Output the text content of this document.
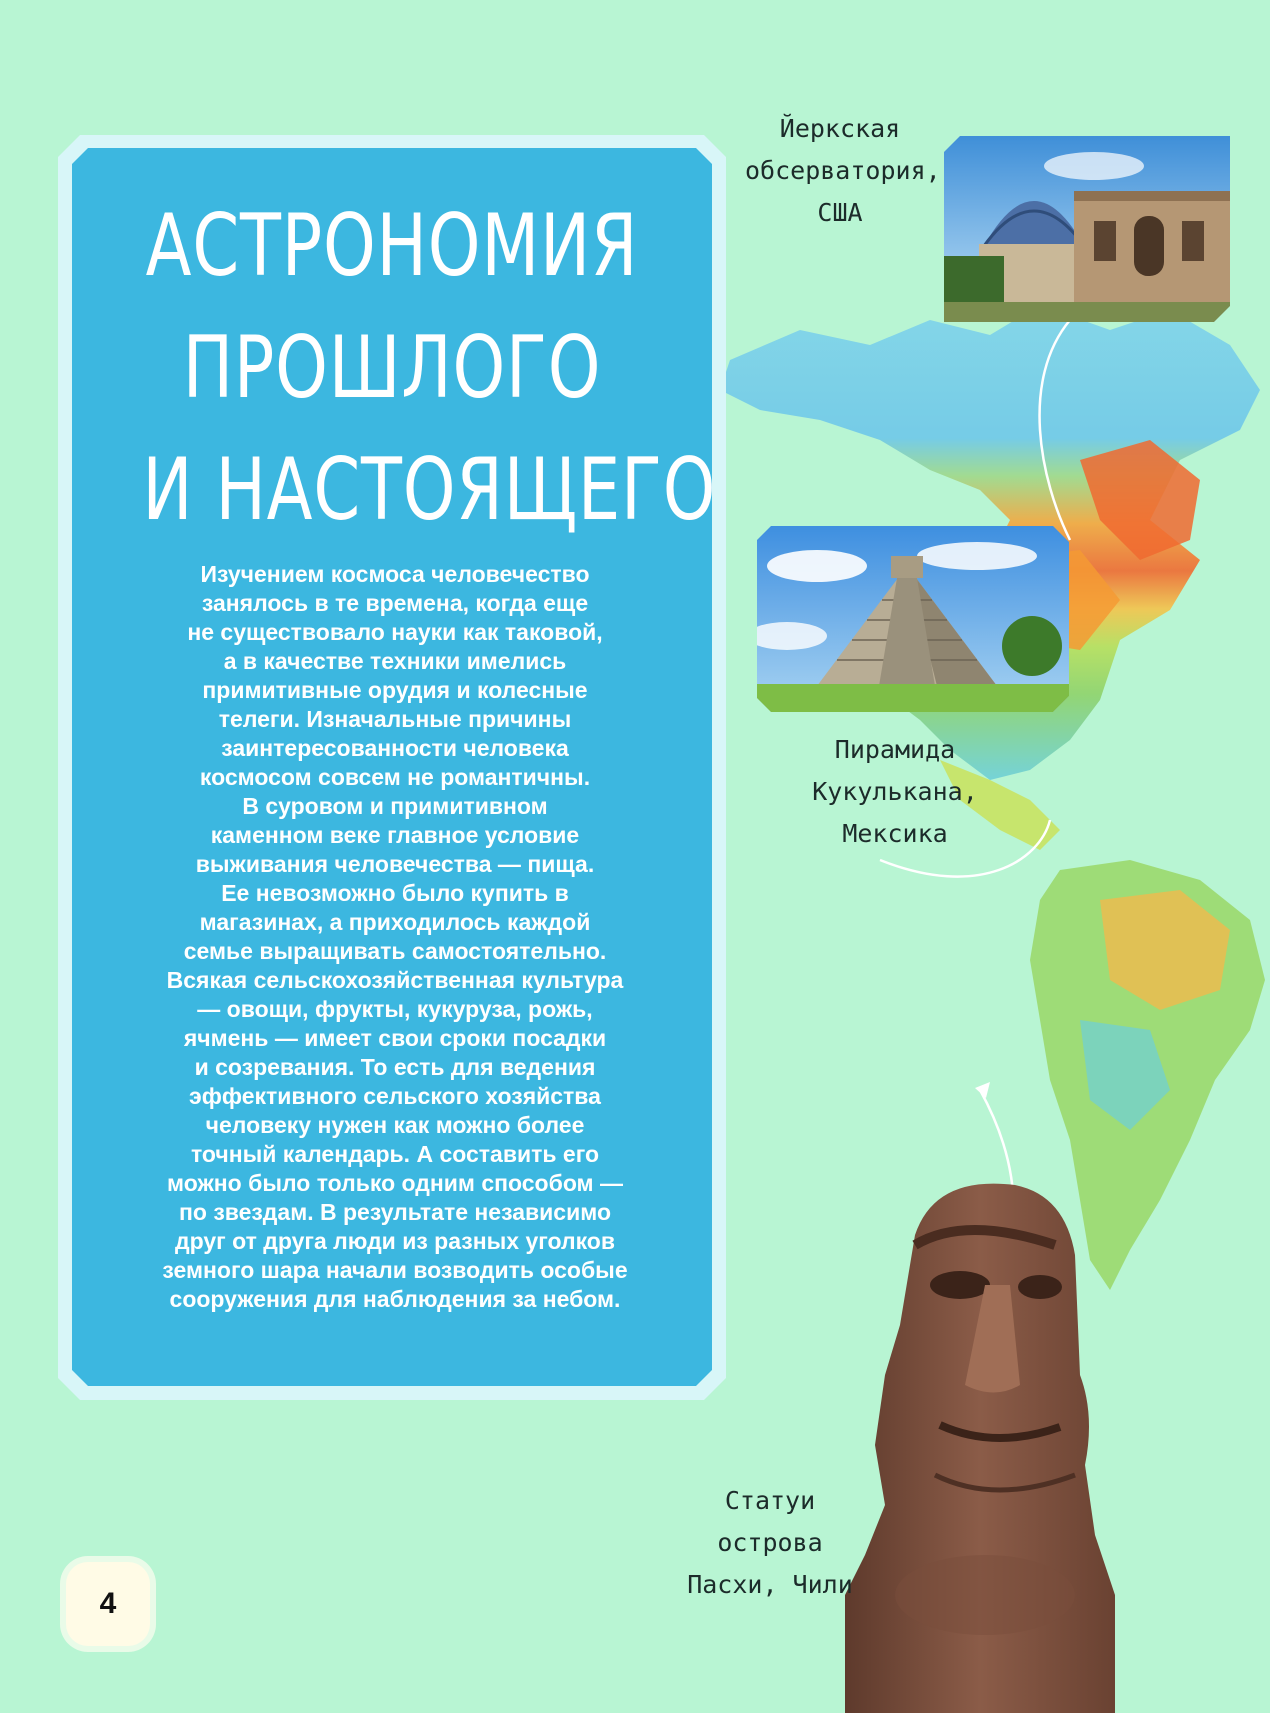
АСТРОНОМИЯ
ПРОШЛОГО
И НАСТОЯЩЕГО
Изучением космоса человечество
занялось в те времена, когда еще
не существовало науки как таковой,
а в качестве техники имелись
примитивные орудия и колесные
телеги. Изначальные причины
заинтересованности человека
космосом совсем не романтичны.
В суровом и примитивном
каменном веке главное условие
выживания человечества — пища.
Ее невозможно было купить в
магазинах, а приходилось каждой
семье выращивать самостоятельно.
Всякая сельскохозяйственная культура
— овощи, фрукты, кукуруза, рожь,
ячмень — имеет свои сроки посадки
и созревания. То есть для ведения
эффективного сельского хозяйства
человеку нужен как можно более
точный календарь. А составить его
можно было только одним способом —
по звездам. В результате независимо
друг от друга люди из разных уголков
земного шара начали возводить особые
сооружения для наблюдения за небом.
Йеркская
обсерватория,
США
Пирамида
Кукулькана,
Мексика
Статуи
острова
Пасхи, Чили
4
